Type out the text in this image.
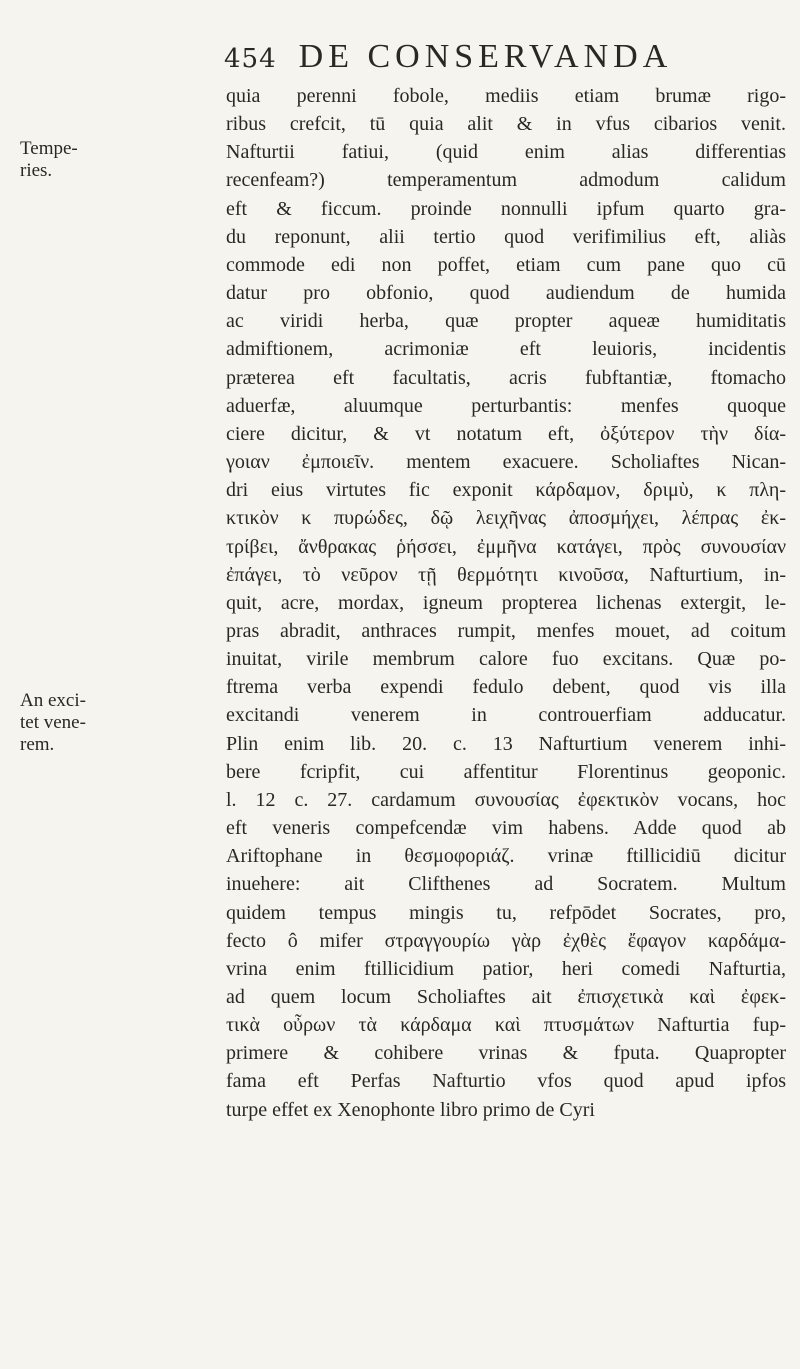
454 DE CONSERVANDA
Tempe-
ries.
An exci-
tet vene-
rem.
quia perenni fobole, mediis etiam brumæ rigo-
ribus crefcit, tū quia alit & in vfus cibarios venit.
Nafturtii fatiui, (quid enim alias differentias
recenfeam?) temperamentum admodum calidum
eft & ficcum. proinde nonnulli ipfum quarto gra-
du reponunt, alii tertio quod verifimilius eft, aliàs
commode edi non poffet, etiam cum pane quo cū
datur pro obfonio, quod audiendum de humida
ac viridi herba, quæ propter aqueæ humiditatis
admiftionem, acrimoniæ eft leuioris, incidentis
præterea eft facultatis, acris fubftantiæ, ftomacho
aduerfæ, aluumque perturbantis: menfes quoque
ciere dicitur, & vt notatum eft, ὀξύτερον τὴν δία-
γοιαν ἐμποιεῖν. mentem exacuere. Scholiaftes Nican-
dri eius virtutes fic exponit κάρδαμον, δριμὺ, κ πλη-
κτικὸν κ πυρώδες, δῷ λειχῆνας ἀποσμήχει, λέπρας ἐκ-
τρίβει, ἄνθρακας ῥήσσει, ἐμμῆνα κατάγει, πρὸς συνουσίαν
ἐπάγει, τὸ νεῦρον τῇ θερμότητι κινοῦσα, Nafturtium, in-
quit, acre, mordax, igneum propterea lichenas extergit, le-
pras abradit, anthraces rumpit, menfes mouet, ad coitum
inuitat, virile membrum calore fuo excitans. Quæ po-
ftrema verba expendi fedulo debent, quod vis illa
excitandi venerem in controuerfiam adducatur.
Plin enim lib. 20. c. 13 Nafturtium venerem inhi-
bere fcripfit, cui affentitur Florentinus geoponic.
l. 12 c. 27. cardamum συνουσίας ἐφεκτικὸν vocans, hoc
eft veneris compefcendæ vim habens. Adde quod ab
Ariftophane in θεσμοφοριάζ. vrinæ ftillicidiū dicitur
inuehere: ait Clifthenes ad Socratem. Multum
quidem tempus mingis tu, refpōdet Socrates, pro,
fecto ô mifer στραγγουρίω γὰρ ἐχθὲς ἔφαγον καρδάμα-
vrina enim ftillicidium patior, heri comedi Nafturtia,
ad quem locum Scholiaftes ait ἐπισχετικὰ καὶ ἐφεκ-
τικὰ οὖρων τὰ κάρδαμα καὶ πτυσμάτων Nafturtia fup-
primere & cohibere vrinas & fputa. Quapropter
fama eft Perfas Nafturtio vfos quod apud ipfos
turpe effet ex Xenophonte libro primo de Cyri
